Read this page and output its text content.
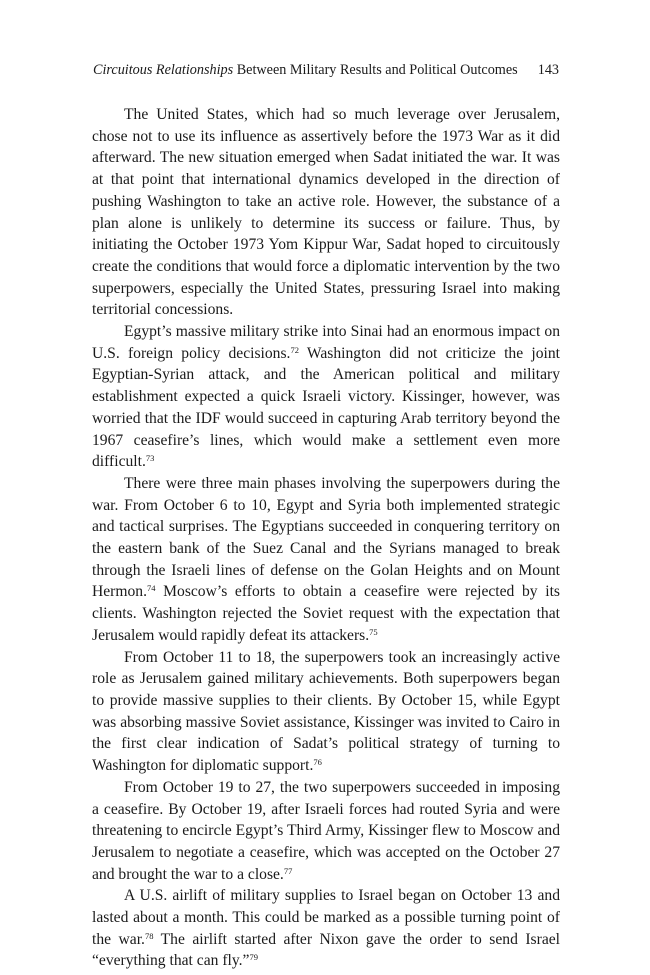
Circuitous Relationships Between Military Results and Political Outcomes 143

The United States, which had so much leverage over Jerusalem, chose not to use its influence as assertively before the 1973 War as it did afterward. The new situation emerged when Sadat initiated the war. It was at that point that international dynamics developed in the direction of pushing Washington to take an active role. However, the substance of a plan alone is unlikely to determine its success or failure. Thus, by initiating the October 1973 Yom Kippur War, Sadat hoped to circuitously create the conditions that would force a diplomatic intervention by the two superpowers, especially the United States, pressuring Israel into making territorial concessions.

Egypt’s massive military strike into Sinai had an enormous impact on U.S. foreign policy decisions.$^{72}$ Washington did not criticize the joint Egyptian-Syrian attack, and the American political and military establishment expected a quick Israeli victory. Kissinger, however, was worried that the IDF would succeed in capturing Arab territory beyond the 1967 ceasefire’s lines, which would make a settlement even more difficult.$^{73}$

There were three main phases involving the superpowers during the war. From October 6 to 10, Egypt and Syria both implemented strategic and tactical surprises. The Egyptians succeeded in conquering territory on the eastern bank of the Suez Canal and the Syrians managed to break through the Israeli lines of defense on the Golan Heights and on Mount Hermon.$^{74}$ Moscow’s efforts to obtain a ceasefire were rejected by its clients. Washington rejected the Soviet request with the expectation that Jerusalem would rapidly defeat its attackers.$^{75}$

From October 11 to 18, the superpowers took an increasingly active role as Jerusalem gained military achievements. Both superpowers began to provide massive supplies to their clients. By October 15, while Egypt was absorbing massive Soviet assistance, Kissinger was invited to Cairo in the first clear indication of Sadat’s political strategy of turning to Washington for diplomatic support.$^{76}$

From October 19 to 27, the two superpowers succeeded in imposing a ceasefire. By October 19, after Israeli forces had routed Syria and were threatening to encircle Egypt’s Third Army, Kissinger flew to Moscow and Jerusalem to negotiate a ceasefire, which was accepted on the October 27 and brought the war to a close.$^{77}$

A U.S. airlift of military supplies to Israel began on October 13 and lasted about a month. This could be marked as a possible turning point of the war.$^{78}$ The airlift started after Nixon gave the order to send Israel “everything that can fly.”$^{79}$
